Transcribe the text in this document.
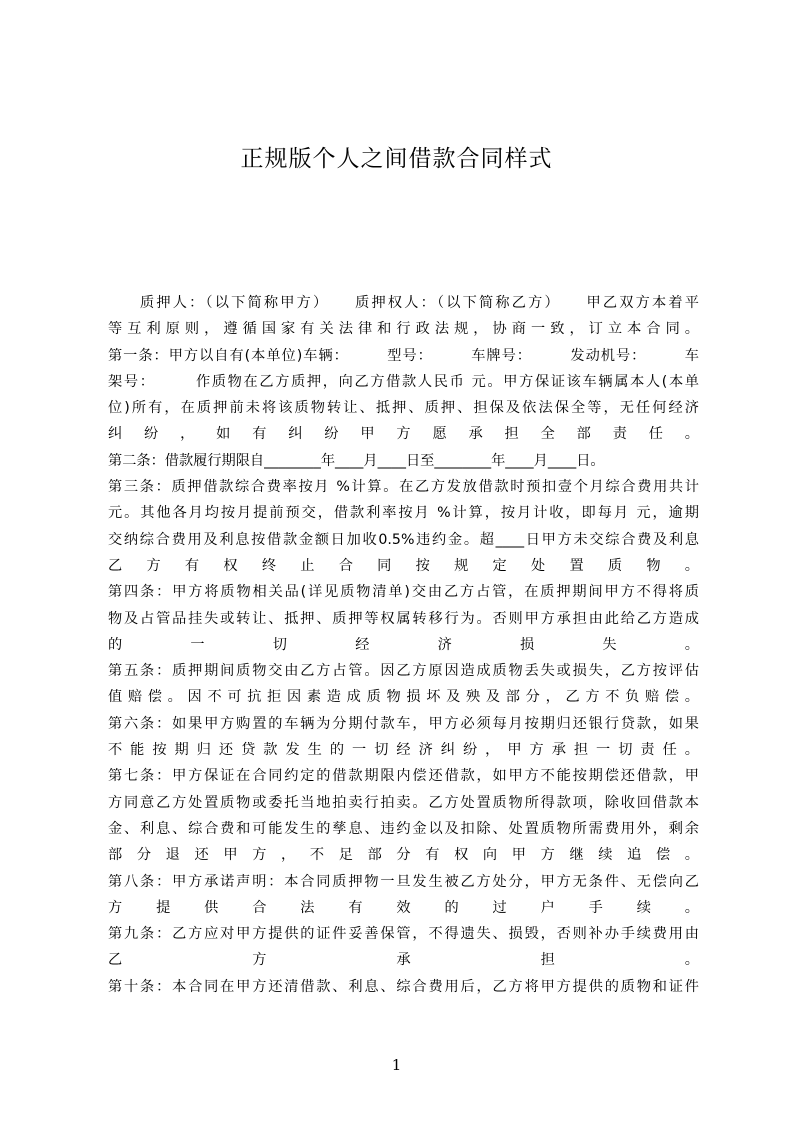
正规版个人之间借款合同样式
质押人：（以下简称甲方）　　质押权人：（以下简称乙方）　　甲乙双方本着平
等互利原则，遵循国家有关法律和行政法规，协商一致，订立本合同。
第一条：甲方以自有(本单位)车辆：　　　型号：　　　车牌号：　　　发动机号：　　　车
架号：　　　作质物在乙方质押，向乙方借款人民币 元。甲方保证该车辆属本人(本单
位)所有，在质押前未将该质物转让、抵押、质押、担保及依法保全等，无任何经济
纠 纷 ， 如 有 纠 纷 甲 方 愿 承 担 全 部 责 任 。
第二条：借款履行期限自________年____月____日至________年____月____日。
第三条：质押借款综合费率按月 %计算。在乙方发放借款时预扣壹个月综合费用共计
元。其他各月均按月提前预交，借款利率按月 %计算，按月计收，即每月 元，逾期
交纳综合费用及利息按借款金额日加收0.5%违约金。超____日甲方未交综合费及利息
乙 方 有 权 终 止 合 同 按 规 定 处 置 质 物 。
第四条：甲方将质物相关品(详见质物清单)交由乙方占管，在质押期间甲方不得将质
物及占管品挂失或转让、抵押、质押等权属转移行为。否则甲方承担由此给乙方造成
的 一 切 经 济 损 失 。
第五条：质押期间质物交由乙方占管。因乙方原因造成质物丢失或损失，乙方按评估
值赔偿。因不可抗拒因素造成质物损坏及殃及部分，乙方不负赔偿。
第六条：如果甲方购置的车辆为分期付款车，甲方必须每月按期归还银行贷款，如果
不能按期归还贷款发生的一切经济纠纷，甲方承担一切责任。
第七条：甲方保证在合同约定的借款期限内偿还借款，如甲方不能按期偿还借款，甲
方同意乙方处置质物或委托当地拍卖行拍卖。乙方处置质物所得款项，除收回借款本
金、利息、综合费和可能发生的孳息、违约金以及扣除、处置质物所需费用外，剩余
部 分 退 还 甲 方 ， 不 足 部 分 有 权 向 甲 方 继 续 追 偿 。
第八条：甲方承诺声明：本合同质押物一旦发生被乙方处分，甲方无条件、无偿向乙
方 提 供 合 法 有 效 的 过 户 手 续 。
第九条：乙方应对甲方提供的证件妥善保管，不得遗失、损毁，否则补办手续费用由
乙 方 承 担 。
第十条：本合同在甲方还清借款、利息、综合费用后，乙方将甲方提供的质物和证件
1
